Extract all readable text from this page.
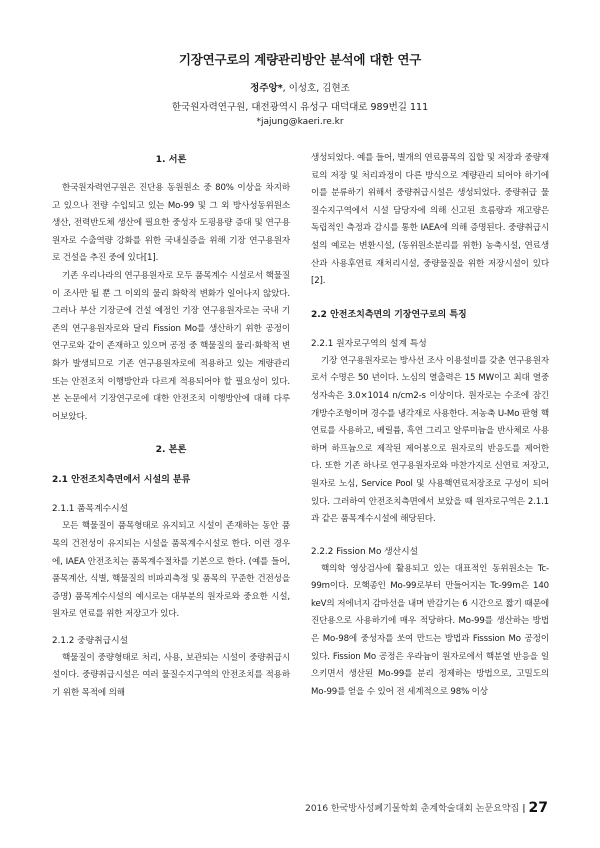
기장연구로의 계량관리방안 분석에 대한 연구
정주앙*, 이성호, 김현조
한국원자력연구원, 대전광역시 유성구 대덕대로 989번길 111
*jajung@kaeri.re.kr

1. 서론

한국원자력연구원은 진단용 동원원소 중 80% 이상을 차지하고 있으나 전량 수입되고 있는 Mo-99 및 그 외 방사성동위원소 생산, 전력반도체 생산에 필요한 중성자 도핑용량 증대 및 연구용원자로 수출역량 강화를 위한 국내실증을 위해 기장 연구용원자로 건설을 추진 중에 있다[1].

기존 우리나라의 연구용원자로 모두 품목계수 시설로서 핵물질이 조사만 될 뿐 그 이외의 물리 화학적 변화가 일어나지 않았다. 그러나 부산 기장군에 건설 예정인 기장 연구용원자로는 국내 기존의 연구용원자로와 달리 Fission Mo를 생산하기 위한 공정이 연구로와 같이 존재하고 있으며 공정 중 핵물질의 물리·화학적 변화가 발생되므로 기존 연구용원자로에 적용하고 있는 계량관리 또는 안전조치 이행방안과 다르게 적용되어야 할 필요성이 있다. 본 논문에서 기장연구로에 대한 안전조치 이행방안에 대해 다루어보았다.

2. 본론

2.1 안전조치측면에서 시설의 분류

2.1.1 품목계수시설

모든 핵물질이 품목형태로 유지되고 시설이 존재하는 동안 품목의 건전성이 유지되는 시설을 품목계수시설로 한다. 이런 경우에, IAEA 안전조치는 품목계수절차를 기본으로 한다. (예를 들어, 품목계산, 식별, 핵물질의 비파괴측정 및 품목의 꾸준한 건전성을 증명) 품목계수시설의 예시로는 대부분의 원자로와 중요한 시설, 원자로 연료를 위한 저장고가 있다.

2.1.2 중량취급시설

핵물질이 중량형태로 처리, 사용, 보관되는 시설이 중량취급시설이다. 중량취급시설은 여러 물질수지구역의 안전조치를 적용하기 위한 목적에 의해

생성되었다. 예를 들어, 별개의 연료품목의 집합 및 저장과 중량재료의 저장 및 처리과정이 다른 방식으로 계량관리 되어야 하기에 이를 분류하기 위해서 중량취급시설은 생성되었다. 중량취급 물질수지구역에서 시설 담당자에 의해 신고된 흐름량과 재고량은 독립적인 측정과 감시를 통한 IAEA에 의해 증명된다. 중량취급시설의 예로는 변환시설, (동위원소분리를 위한) 농축시설, 연료생산과 사용후연료 재처리시설, 중량물질을 위한 저장시설이 있다 [2].

2.2 안전조치측면의 기장연구로의 특징

2.2.1 원자로구역의 설계 특성

기장 연구용원자로는 방사선 조사 이용설비를 갖춘 연구용원자로서 수명은 50 년이다. 노심의 열출력은 15 MW이고 최대 열중성자속은 3.0×1014 n/cm2-s 이상이다. 원자로는 수조에 잠긴 개방수조형이며 경수를 냉각재로 사용한다. 저농축 U-Mo 판형 핵연료를 사용하고, 베릴륨, 흑연 그리고 알루미늄을 반사체로 사용하며 하프늄으로 제작된 제어봉으로 원자로의 반응도를 제어한다. 또한 기존 하나로 연구용원자로와 마찬가지로 신연료 저장고, 원자로 노심, Service Pool 및 사용핵연료저장조로 구성이 되어 있다. 그러하여 안전조치측면에서 보았을 때 원자로구역은 2.1.1과 같은 품목계수시설에 해당된다.

2.2.2 Fission Mo 생산시설

핵의학 영상검사에 활용되고 있는 대표적인 동위원소는 Tc-99m이다. 모핵종인 Mo-99로부터 만들어지는 Tc-99m은 140 keV의 저에너지 감마선을 내며 반감기는 6 시간으로 짧기 때문에 진단용으로 사용하기에 매우 적당하다. Mo-99를 생산하는 방법은 Mo-98에 중성자를 쏘여 만드는 방법과 Fisssion Mo 공정이 있다. Fission Mo 공정은 우라늄이 원자로에서 핵분열 반응을 일으키면서 생산된 Mo-99를 분리 정제하는 방법으로, 고밀도의 Mo-99를 얻을 수 있어 전 세계적으로 98% 이상

2016 한국방사성폐기물학회 춘계학술대회 논문요약집 | 27
